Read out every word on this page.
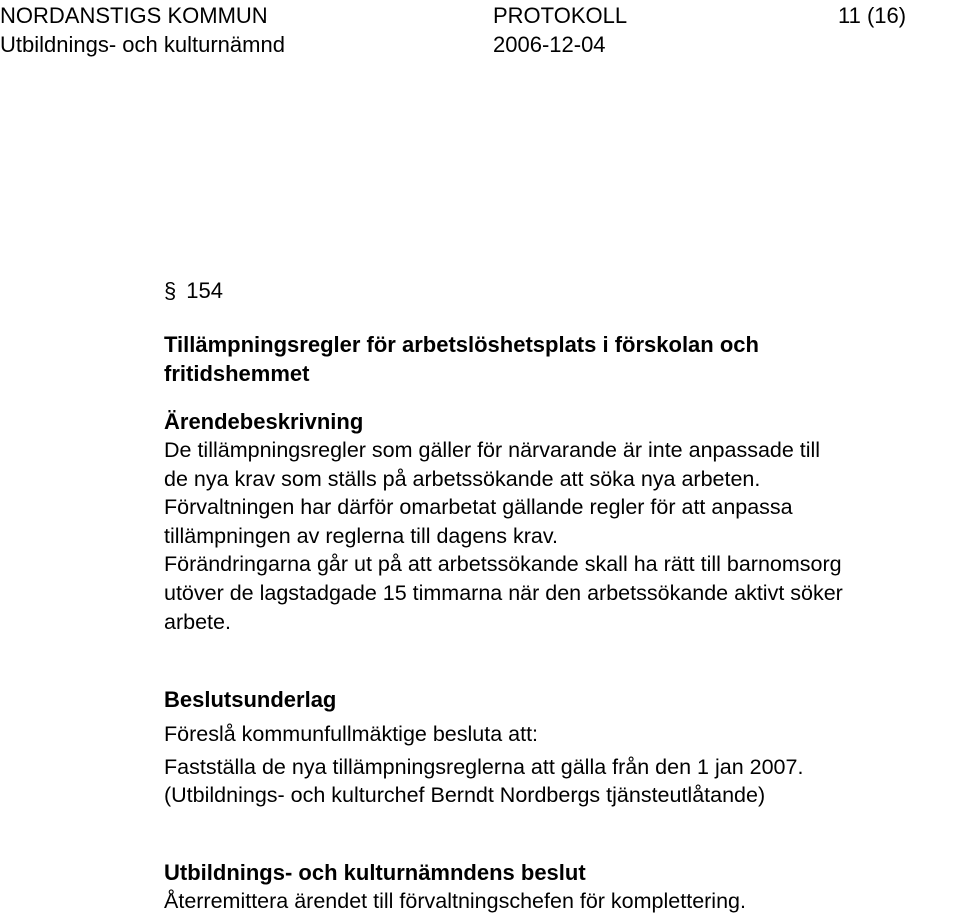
NORDANSTIGS KOMMUN	PROTOKOLL	11 (16)
Utbildnings- och kulturnämnd	2006-12-04
§ 154

Tillämpningsregler för arbetslöshetsplats i förskolan och fritidshemmet

Ärendebeskrivning

De tillämpningsregler som gäller för närvarande är inte anpassade till

de nya krav som ställs på arbetssökande att söka nya arbeten.

Förvaltningen har därför omarbetat gällande regler för att anpassa

tillämpningen av reglerna till dagens krav.

Förändringarna går ut på att arbetssökande skall ha rätt till barnomsorg

utöver de lagstadgade 15 timmarna när den arbetssökande aktivt söker

arbete.

Beslutsunderlag

Föreslå kommunfullmäktige besluta att:

Fastställa de nya tillämpningsreglerna att gälla från den 1 jan 2007.

(Utbildnings- och kulturchef Berndt Nordbergs tjänsteutlåtande)

Utbildnings- och kulturnämndens beslut

Återremittera ärendet till förvaltningschefen för komplettering.
